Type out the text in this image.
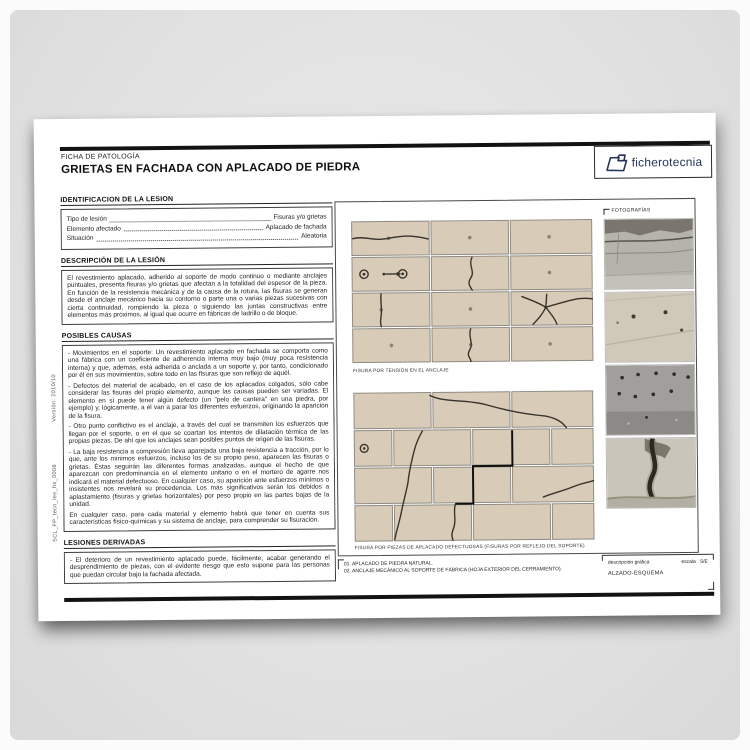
FICHA DE PATOLOGÍA
GRIETAS EN FACHADA CON APLACADO DE PIEDRA	ficherotecnia
Versión: 2010/10
SCL_FP_tecn_les_fis_0008
IDENTIFICACIÓN DE LA LESIÓN
Tipo de lesión	Fisuras y/o grietas
Elemento afectado	Aplacado de fachada
Situación	Aleatoria
DESCRIPCIÓN DE LA LESIÓN

El revestimiento aplacado, adherido al soporte de modo continuo o mediante anclajes puntuales, presenta fisuras y/o grietas que afectan a la totalidad del espesor de la pieza. En función de la resistencia mecánica y de la causa de la rotura, las fisuras se generan desde el anclaje mecánico hacia su contorno o parte una o varias piezas sucesivas con cierta continuidad, rompiendo la pieza o siguiendo las juntas constructivas entre elementos más próximos, al igual que ocurre en fábricas de ladrillo o de bloque.

POSIBLES CAUSAS

- Movimientos en el soporte: Un revestimiento aplacado en fachada se comporta como una fábrica con un coeficiente de adherencia interna muy bajo (muy poca resistencia interna) y que, además, está adherida o anclada a un soporte y, por tanto, condicionado por él en sus movimientos, sobre todo en las fisuras que son reflejo de aquél.

- Defectos del material de acabado, en el caso de los aplacados colgados, sólo cabe considerar las fisuras del propio elemento, aunque las causas pueden ser variadas. El elemento en sí puede tener algún defecto (un "pelo de cantera" en una piedra, por ejemplo) y, lógicamente, a él van a parar los diferentes esfuerzos, originando la aparición de la fisura.

- Otro punto conflictivo es el anclaje, a través del cual se transmiten los esfuerzos que llegan por el soporte, o en el que se coartan los intentos de dilatación térmica de las propias piezas. De ahí que los anclajes sean posibles puntos de origen de las fisuras.

- La baja resistencia a compresión lleva aparejada una baja resistencia a tracción, por lo que, ante los mínimos esfuerzos, incluso los de su propio peso, aparecen las fisuras o grietas. Éstas seguirán las diferentes formas analizadas, aunque el hecho de que aparezcan con predominancia en el elemento unitario o en el mortero de agarre nos indicará el material defectuoso. En cualquier caso, su aparición ante esfuerzos mínimos o insistentes nos revelará su procedencia. Los más significativos serán los debidos a aplastamiento (fisuras y grietas horizontales) por peso propio en las partes bajas de la unidad.

En cualquier caso, para cada material y elemento habrá que tener en cuenta sus características físico-químicas y su sistema de anclaje, para comprender su fisuración.

LESIONES DERIVADAS

- El deterioro de un revestimiento aplacado puede, fácilmente, acabar generando el desprendimiento de piezas, con el evidente riesgo que esto supone para las personas que puedan circular bajo la fachada afectada.

FISURA POR TENSIÓN EN EL ANCLAJE
FISURA POR PIEZAS DE APLACADO DEFECTUOSAS (FISURAS POR REFLEJO DEL SOPORTE)
FOTOGRAFÍAS
01. APLACADO DE PIEDRA NATURAL.
02. ANCLAJE MECÁNICO AL SOPORTE DE FÁBRICA (HOJA EXTERIOR DEL CERRAMIENTO).
descripción gráfica	escala S/E
ALZADO-ESQUEMA
